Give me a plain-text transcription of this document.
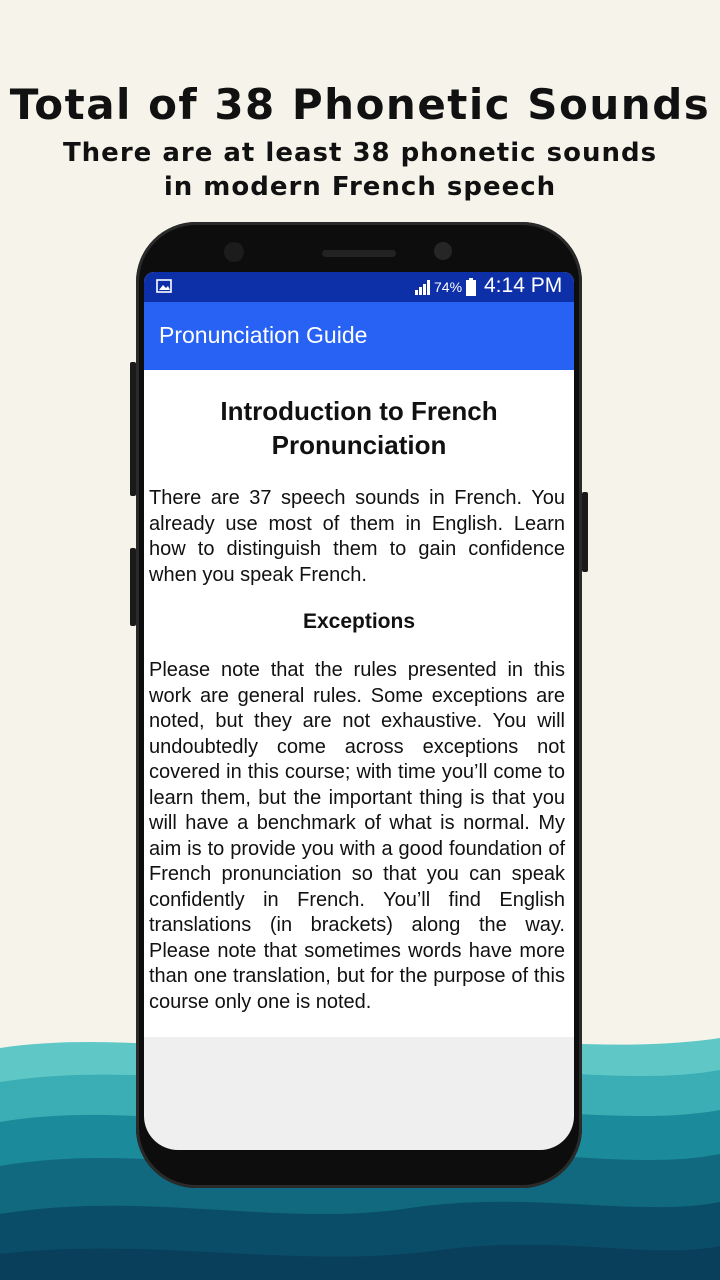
Total of 38 Phonetic Sounds
There are at least 38 phonetic sounds in modern French speech
74% 4:14 PM
Pronunciation Guide
Introduction to French Pronunciation

There are 37 speech sounds in French. You already use most of them in English. Learn how to distinguish them to gain confidence when you speak French.

Exceptions

Please note that the rules presented in this work are general rules. Some exceptions are noted, but they are not exhaustive. You will undoubtedly come across exceptions not covered in this course; with time you’ll come to learn them, but the important thing is that you will have a benchmark of what is normal. My aim is to provide you with a good foundation of French pronunciation so that you can speak confidently in French. You’ll find English translations (in brackets) along the way. Please note that sometimes words have more than one translation, but for the purpose of this course only one is noted.
